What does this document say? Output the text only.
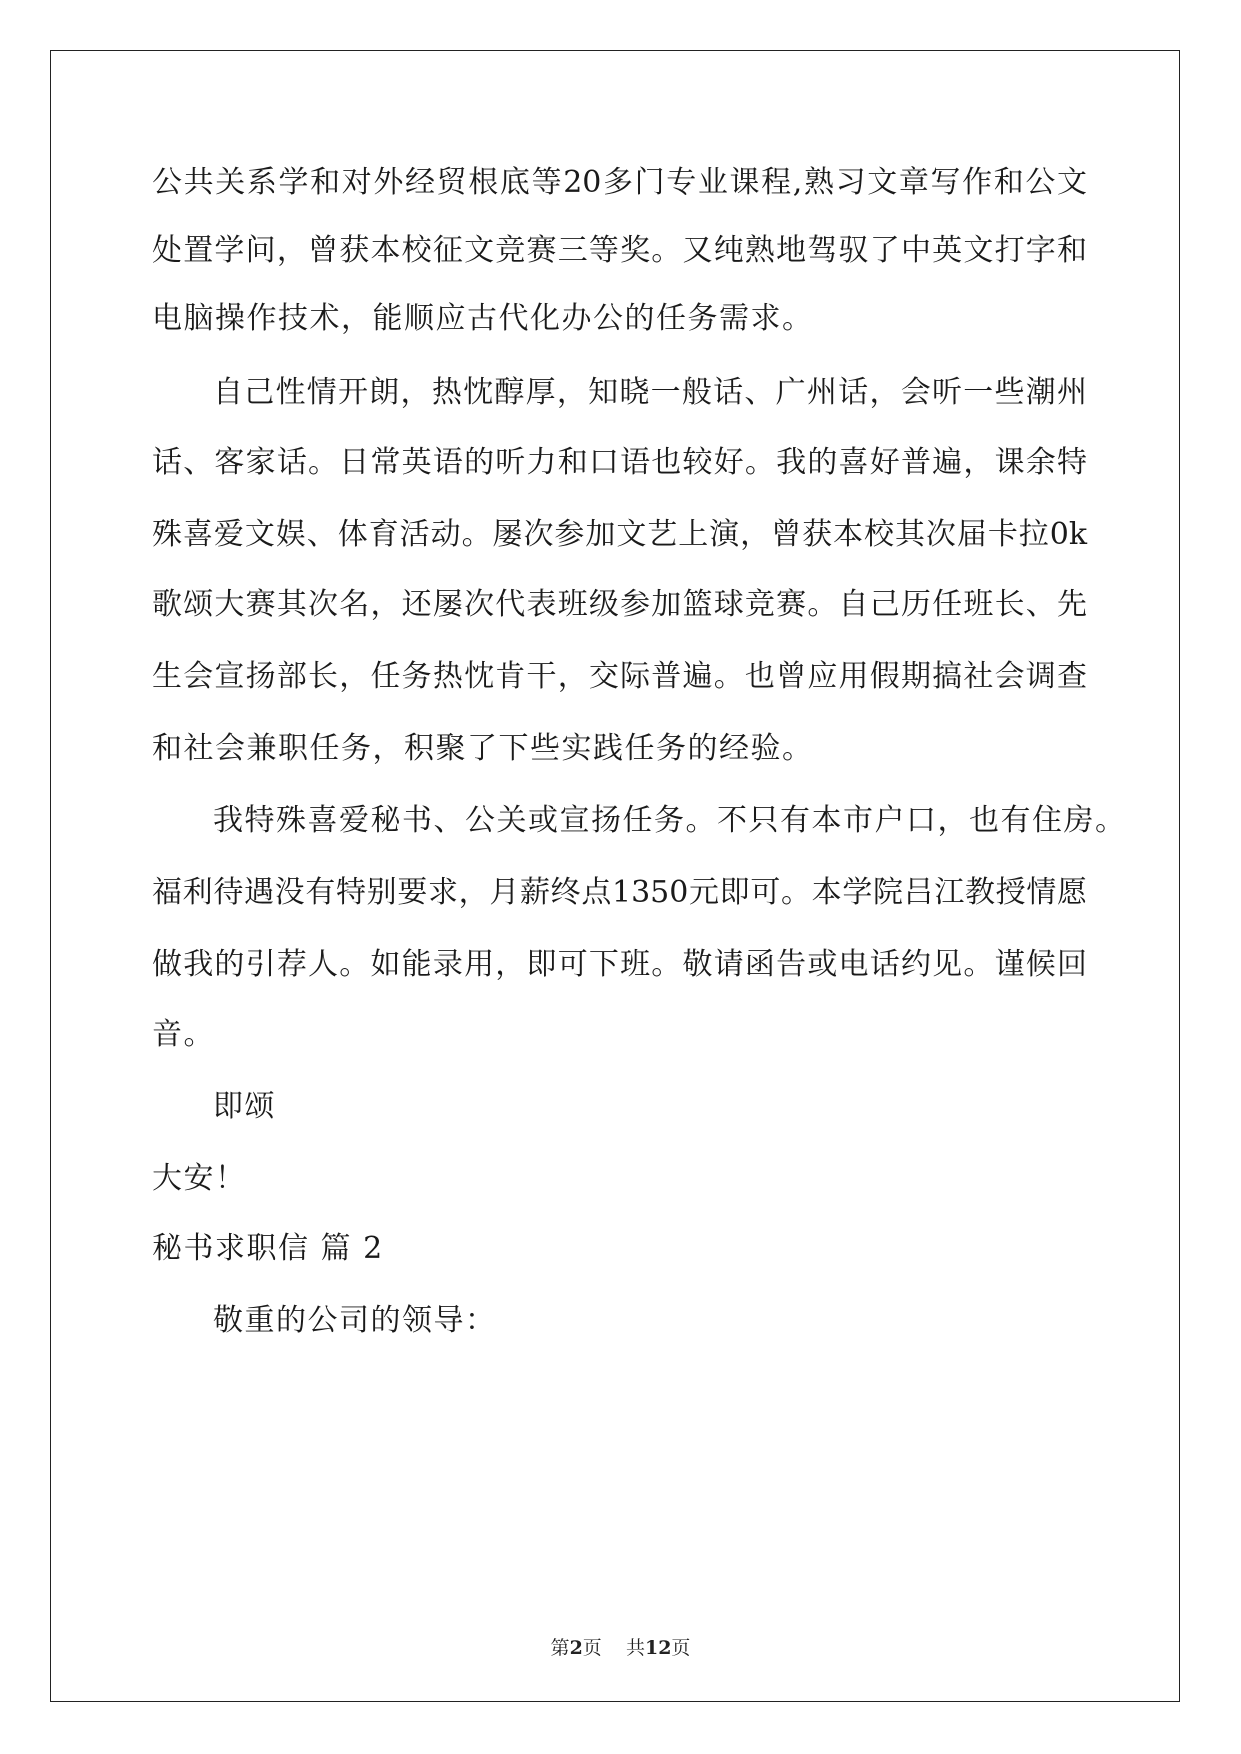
公共关系学和对外经贸根底等20多门专业课程,熟习文章写作和公文
处置学问，曾获本校征文竞赛三等奖。又纯熟地驾驭了中英文打字和
电脑操作技术，能顺应古代化办公的任务需求。
自己性情开朗，热忱醇厚，知晓一般话、广州话，会听一些潮州
话、客家话。日常英语的听力和口语也较好。我的喜好普遍，课余特
殊喜爱文娱、体育活动。屡次参加文艺上演，曾获本校其次届卡拉0k
歌颂大赛其次名，还屡次代表班级参加篮球竞赛。自己历任班长、先
生会宣扬部长，任务热忱肯干，交际普遍。也曾应用假期搞社会调查
和社会兼职任务，积聚了下些实践任务的经验。
我特殊喜爱秘书、公关或宣扬任务。不只有本市户口，也有住房。
福利待遇没有特别要求，月薪终点1350元即可。本学院吕江教授情愿
做我的引荐人。如能录用，即可下班。敬请函告或电话约见。谨候回
音。
即颂
大安！
秘书求职信 篇 2
敬重的公司的领导：
第2页    共12页
